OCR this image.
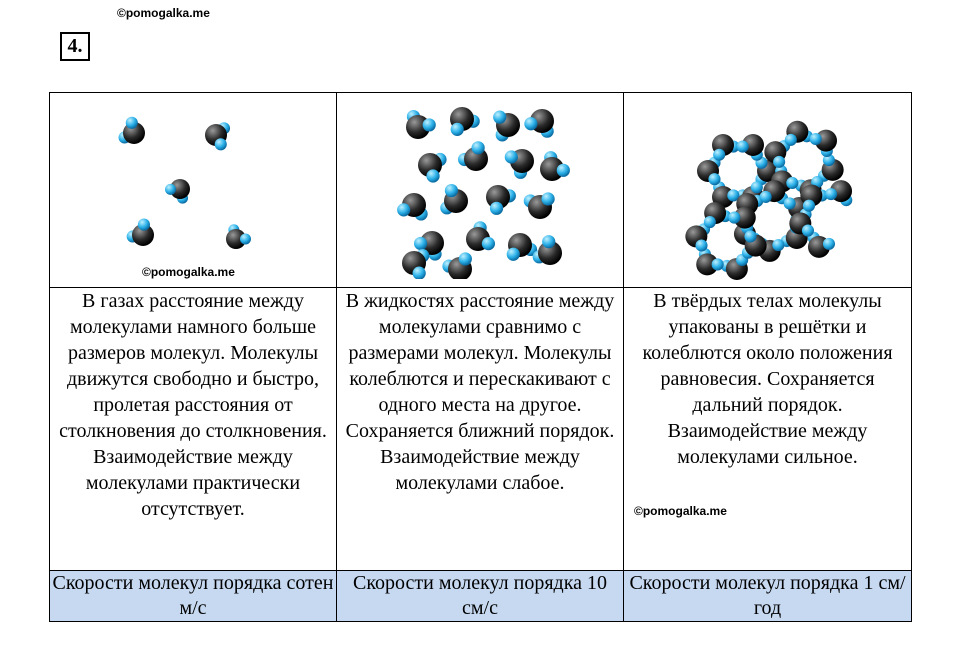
©pomogalka.me
4.
©pomogalka.me

В газах расстояние между молекулами намного больше размеров молекул. Молекулы движутся свободно и быстро, пролетая расстояния от столкновения до столкновения. Взаимодействие между молекулами практически отсутствует.	В жидкостях расстояние между молекулами сравнимо с размерами молекул. Молекулы колеблются и перескакивают с одного места на другое. Сохраняется ближний порядок. Взаимодействие между молекулами слабое.	В твёрдых телах молекулы упакованы в решётки и колеблются около положения равновесия. Сохраняется дальний порядок. Взаимодействие между молекулами сильное.
©pomogalka.me

Скорости молекул порядка сотен м/с	Скорости молекул порядка 10 см/с	Скорости молекул порядка 1 см/год
